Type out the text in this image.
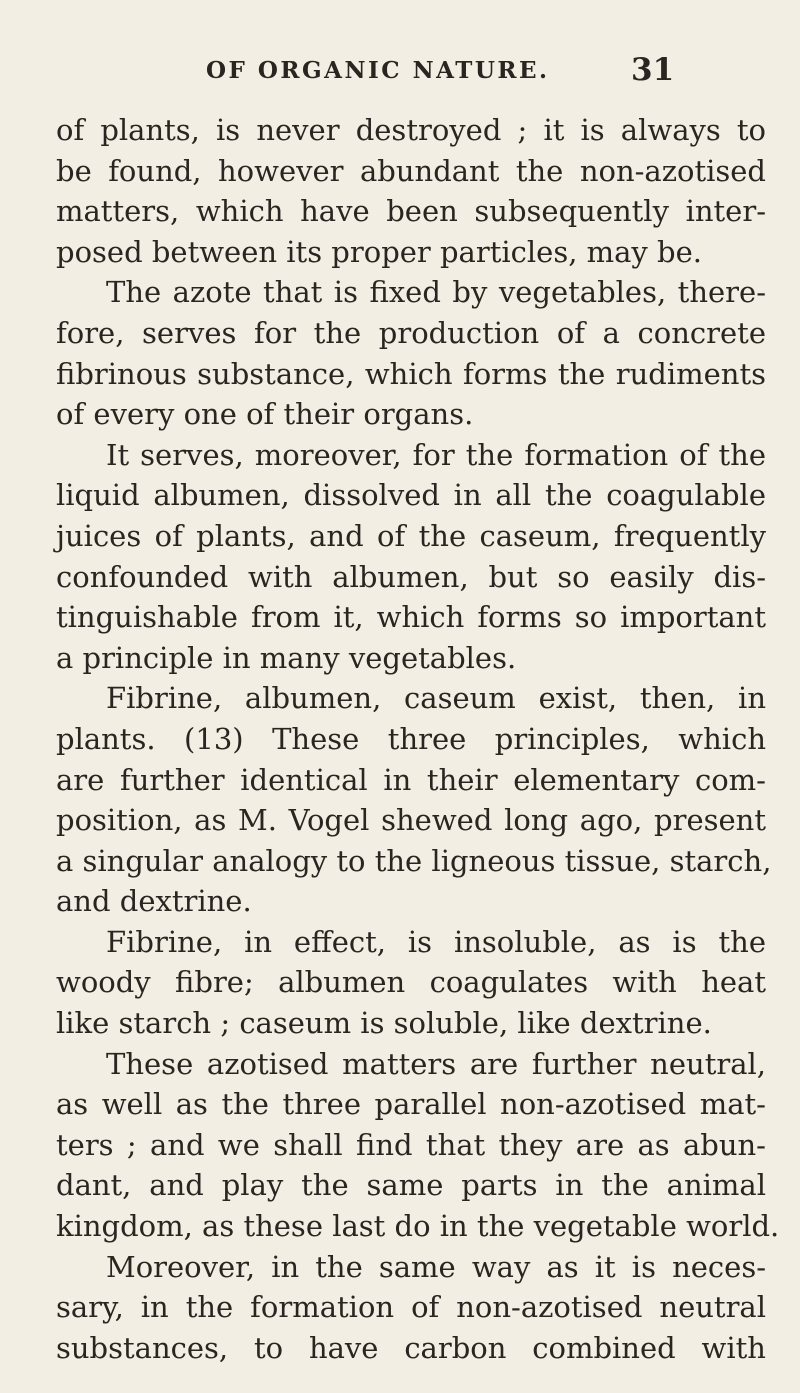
OF ORGANIC NATURE.	31
of plants, is never destroyed ; it is always to
be found, however abundant the non-azotised
matters, which have been subsequently inter-
posed between its proper particles, may be.
The azote that is fixed by vegetables, there-
fore, serves for the production of a concrete
fibrinous substance, which forms the rudiments
of every one of their organs.
It serves, moreover, for the formation of the
liquid albumen, dissolved in all the coagulable
juices of plants, and of the caseum, frequently
confounded with albumen, but so easily dis-
tinguishable from it, which forms so important
a principle in many vegetables.
Fibrine, albumen, caseum exist, then, in
plants. (13) These three principles, which
are further identical in their elementary com-
position, as M. Vogel shewed long ago, present
a singular analogy to the ligneous tissue, starch,
and dextrine.
Fibrine, in effect, is insoluble, as is the
woody fibre; albumen coagulates with heat
like starch ; caseum is soluble, like dextrine.
These azotised matters are further neutral,
as well as the three parallel non-azotised mat-
ters ; and we shall find that they are as abun-
dant, and play the same parts in the animal
kingdom, as these last do in the vegetable world.
Moreover, in the same way as it is neces-
sary, in the formation of non-azotised neutral
substances, to have carbon combined with
